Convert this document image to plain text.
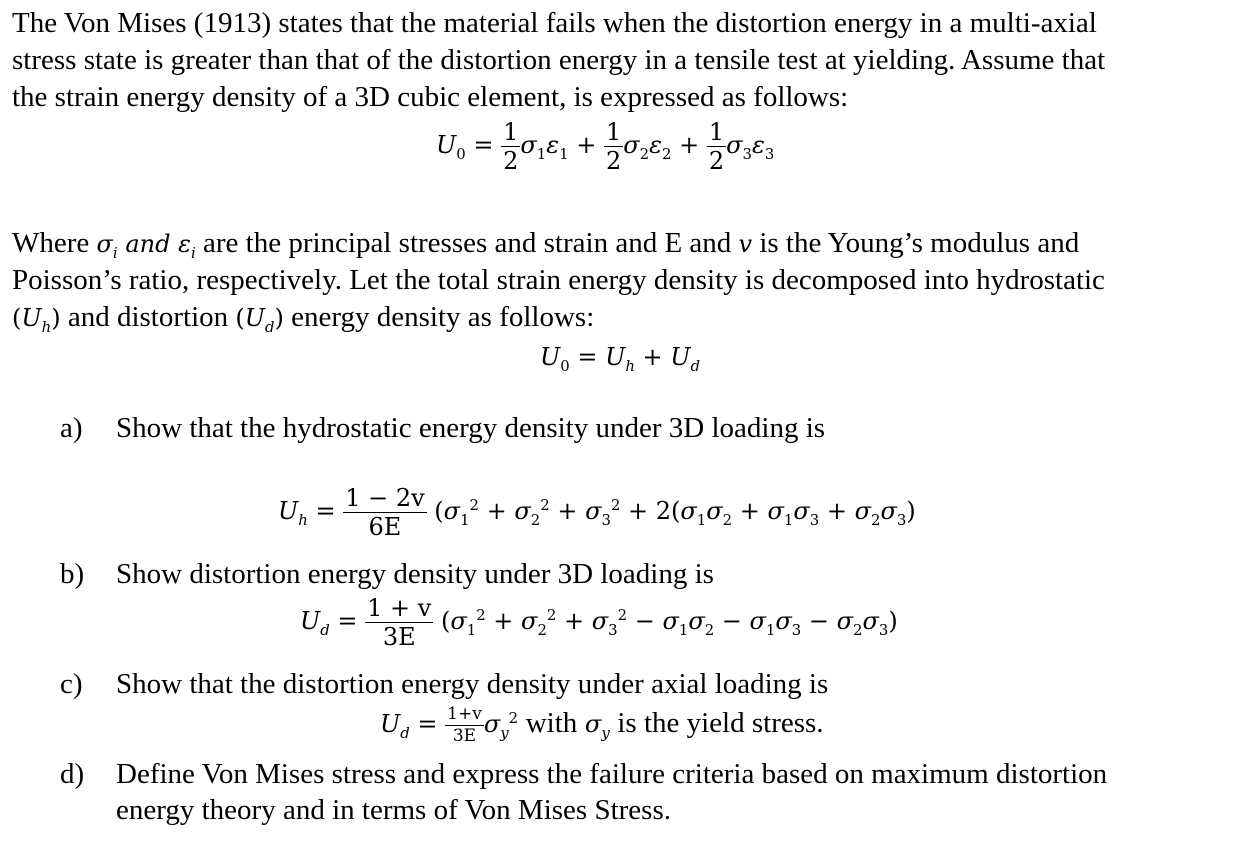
The Von Mises (1913) states that the material fails when the distortion energy in a multi-axial
stress state is greater than that of the distortion energy in a tensile test at yielding. Assume that
the strain energy density of a 3D cubic element, is expressed as follows:
$U_0 = \frac{1}{2} \sigma_1\varepsilon_1 + \frac{1}{2} \sigma_2\varepsilon_2 + \frac{1}{2} \sigma_3\varepsilon_3$
Where $\sigma_i$ and $\varepsilon_i$ are the principal stresses and strain and E and v is the Young’s modulus and
Poisson’s ratio, respectively. Let the total strain energy density is decomposed into hydrostatic
$(U_h)$ and distortion $(U_d)$ energy density as follows:
$U_0 = U_h + U_d$
a) Show that the hydrostatic energy density under 3D loading is
$U_h = \frac{1 - 2v}{6E} (\sigma_1^2 + \sigma_2^2 + \sigma_3^2 + 2(\sigma_1\sigma_2 + \sigma_1\sigma_3 + \sigma_2\sigma_3)$
b) Show distortion energy density under 3D loading is
$U_d = \frac{1 + v}{3E} (\sigma_1^2 + \sigma_2^2 + \sigma_3^2 - \sigma_1\sigma_2 - \sigma_1\sigma_3 - \sigma_2\sigma_3)$
c) Show that the distortion energy density under axial loading is
$U_d = \frac{1+v}{3E} \sigma_y^2$ with $\sigma_y$ is the yield stress.
d) Define Von Mises stress and express the failure criteria based on maximum distortion
energy theory and in terms of Von Mises Stress.
